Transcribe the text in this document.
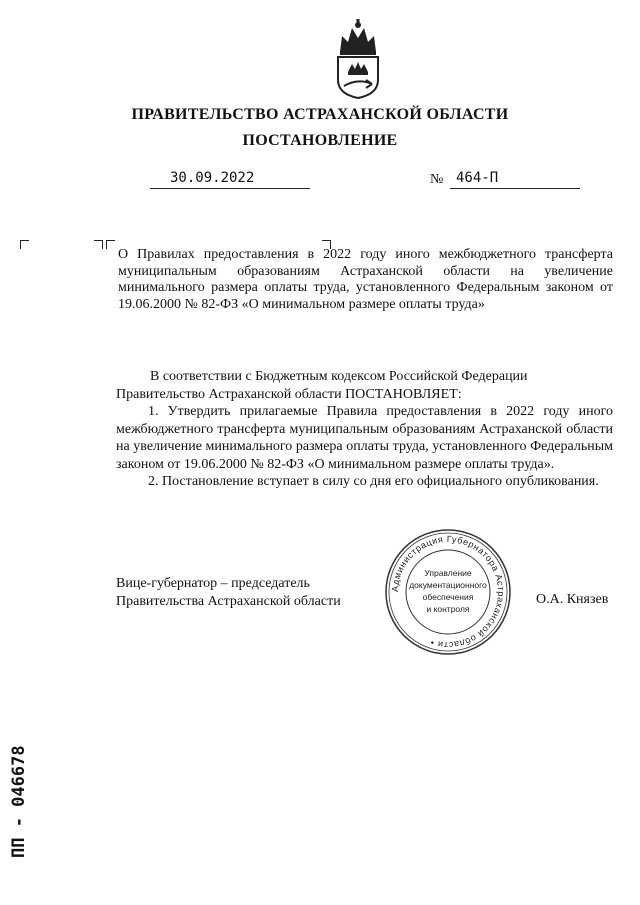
ПРАВИТЕЛЬСТВО АСТРАХАНСКОЙ ОБЛАСТИ
ПОСТАНОВЛЕНИЕ
30.09.2022	№ 464-П
О Правилах предоставления в 2022 году иного межбюджетного трансферта муниципальным образованиям Астраханской области на увеличение минимального размера оплаты труда, установленного Федеральным законом от 19.06.2000 № 82-ФЗ «О минимальном размере оплаты труда»

В соответствии с Бюджетным кодексом Российской Федерации

Правительство Астраханской области ПОСТАНОВЛЯЕТ:

1. Утвердить прилагаемые Правила предоставления в 2022 году иного межбюджетного трансферта муниципальным образованиям Астраханской области на увеличение минимального размера оплаты труда, установленного Федеральным законом от 19.06.2000 № 82-ФЗ «О минимальном размере оплаты труда».

2. Постановление вступает в силу со дня его официального опубликования.

Вице-губернатор – председатель
Правительства Астраханской области	О.А. Князев
Администрация Губернатора Астраханской области •
Управление
документационного
обеспечения
и контроля
ПП - 046678
